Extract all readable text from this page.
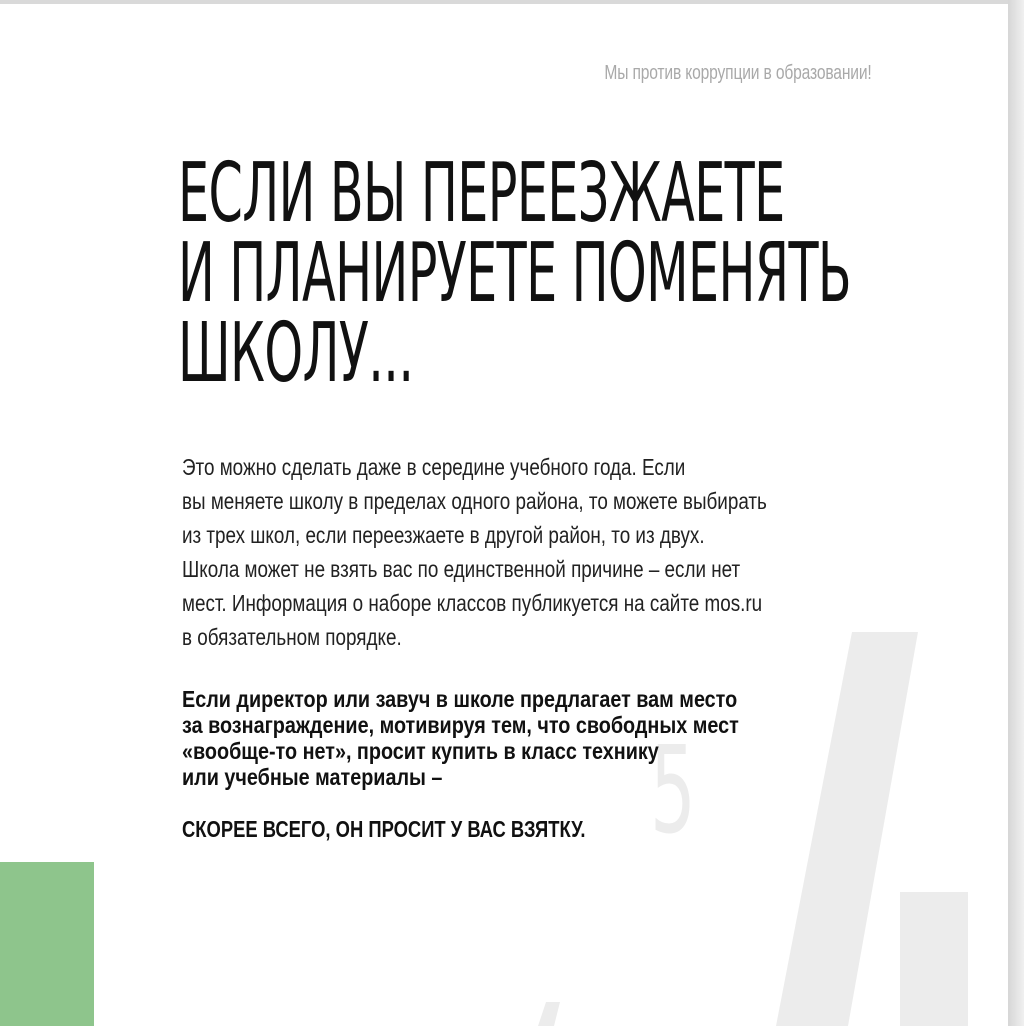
5
Мы против коррупции в образовании!
ЕСЛИ ВЫ ПЕРЕЕЗЖАЕТЕ
И ПЛАНИРУЕТЕ ПОМЕНЯТЬ
ШКОЛУ...
Это можно сделать даже в середине учебного года. Если
вы меняете школу в пределах одного района, то можете выбирать
из трех школ, если переезжаете в другой район, то из двух.
Школа может не взять вас по единственной причине – если нет
мест. Информация о наборе классов публикуется на сайте mos.ru
в обязательном порядке.
Если директор или завуч в школе предлагает вам место
за вознаграждение, мотивируя тем, что свободных мест
«вообще-то нет», просит купить в класс технику
или учебные материалы –
СКОРЕЕ ВСЕГО, ОН ПРОСИТ У ВАС ВЗЯТКУ.
